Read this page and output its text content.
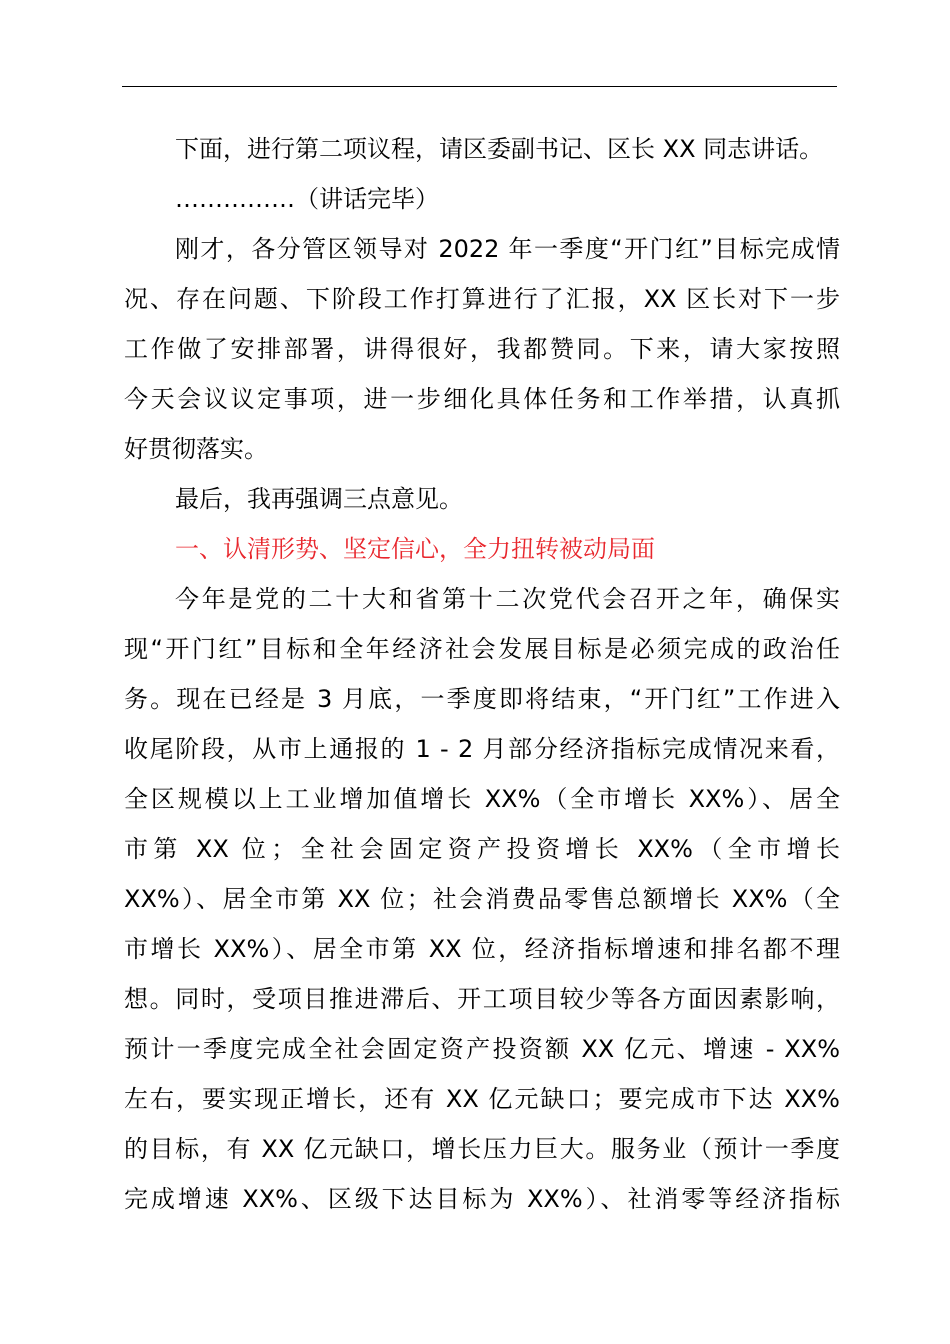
下面，进行第二项议程，请区委副书记、区长 XX 同志讲话。
……………（讲话完毕）
刚才，各分管区领导对 2022 年一季度“开门红”目标完成情
况、存在问题、下阶段工作打算进行了汇报，XX 区长对下一步
工作做了安排部署，讲得很好，我都赞同。下来，请大家按照
今天会议议定事项，进一步细化具体任务和工作举措，认真抓
好贯彻落实。
最后，我再强调三点意见。
一、认清形势、坚定信心，全力扭转被动局面
今年是党的二十大和省第十二次党代会召开之年，确保实
现“开门红”目标和全年经济社会发展目标是必须完成的政治任
务。现在已经是 3 月底，一季度即将结束，“开门红”工作进入
收尾阶段，从市上通报的 1 - 2 月部分经济指标完成情况来看，
全区规模以上工业增加值增长 XX%（全市增长 XX%）、居全
市第 XX 位；全社会固定资产投资增长 XX%（全市增长
XX%）、居全市第 XX 位；社会消费品零售总额增长 XX%（全
市增长 XX%）、居全市第 XX 位，经济指标增速和排名都不理
想。同时，受项目推进滞后、开工项目较少等各方面因素影响，
预计一季度完成全社会固定资产投资额 XX 亿元、增速 - XX%
左右，要实现正增长，还有 XX 亿元缺口；要完成市下达 XX%
的目标，有 XX 亿元缺口，增长压力巨大。服务业（预计一季度
完成增速 XX%、区级下达目标为 XX%）、社消零等经济指标
